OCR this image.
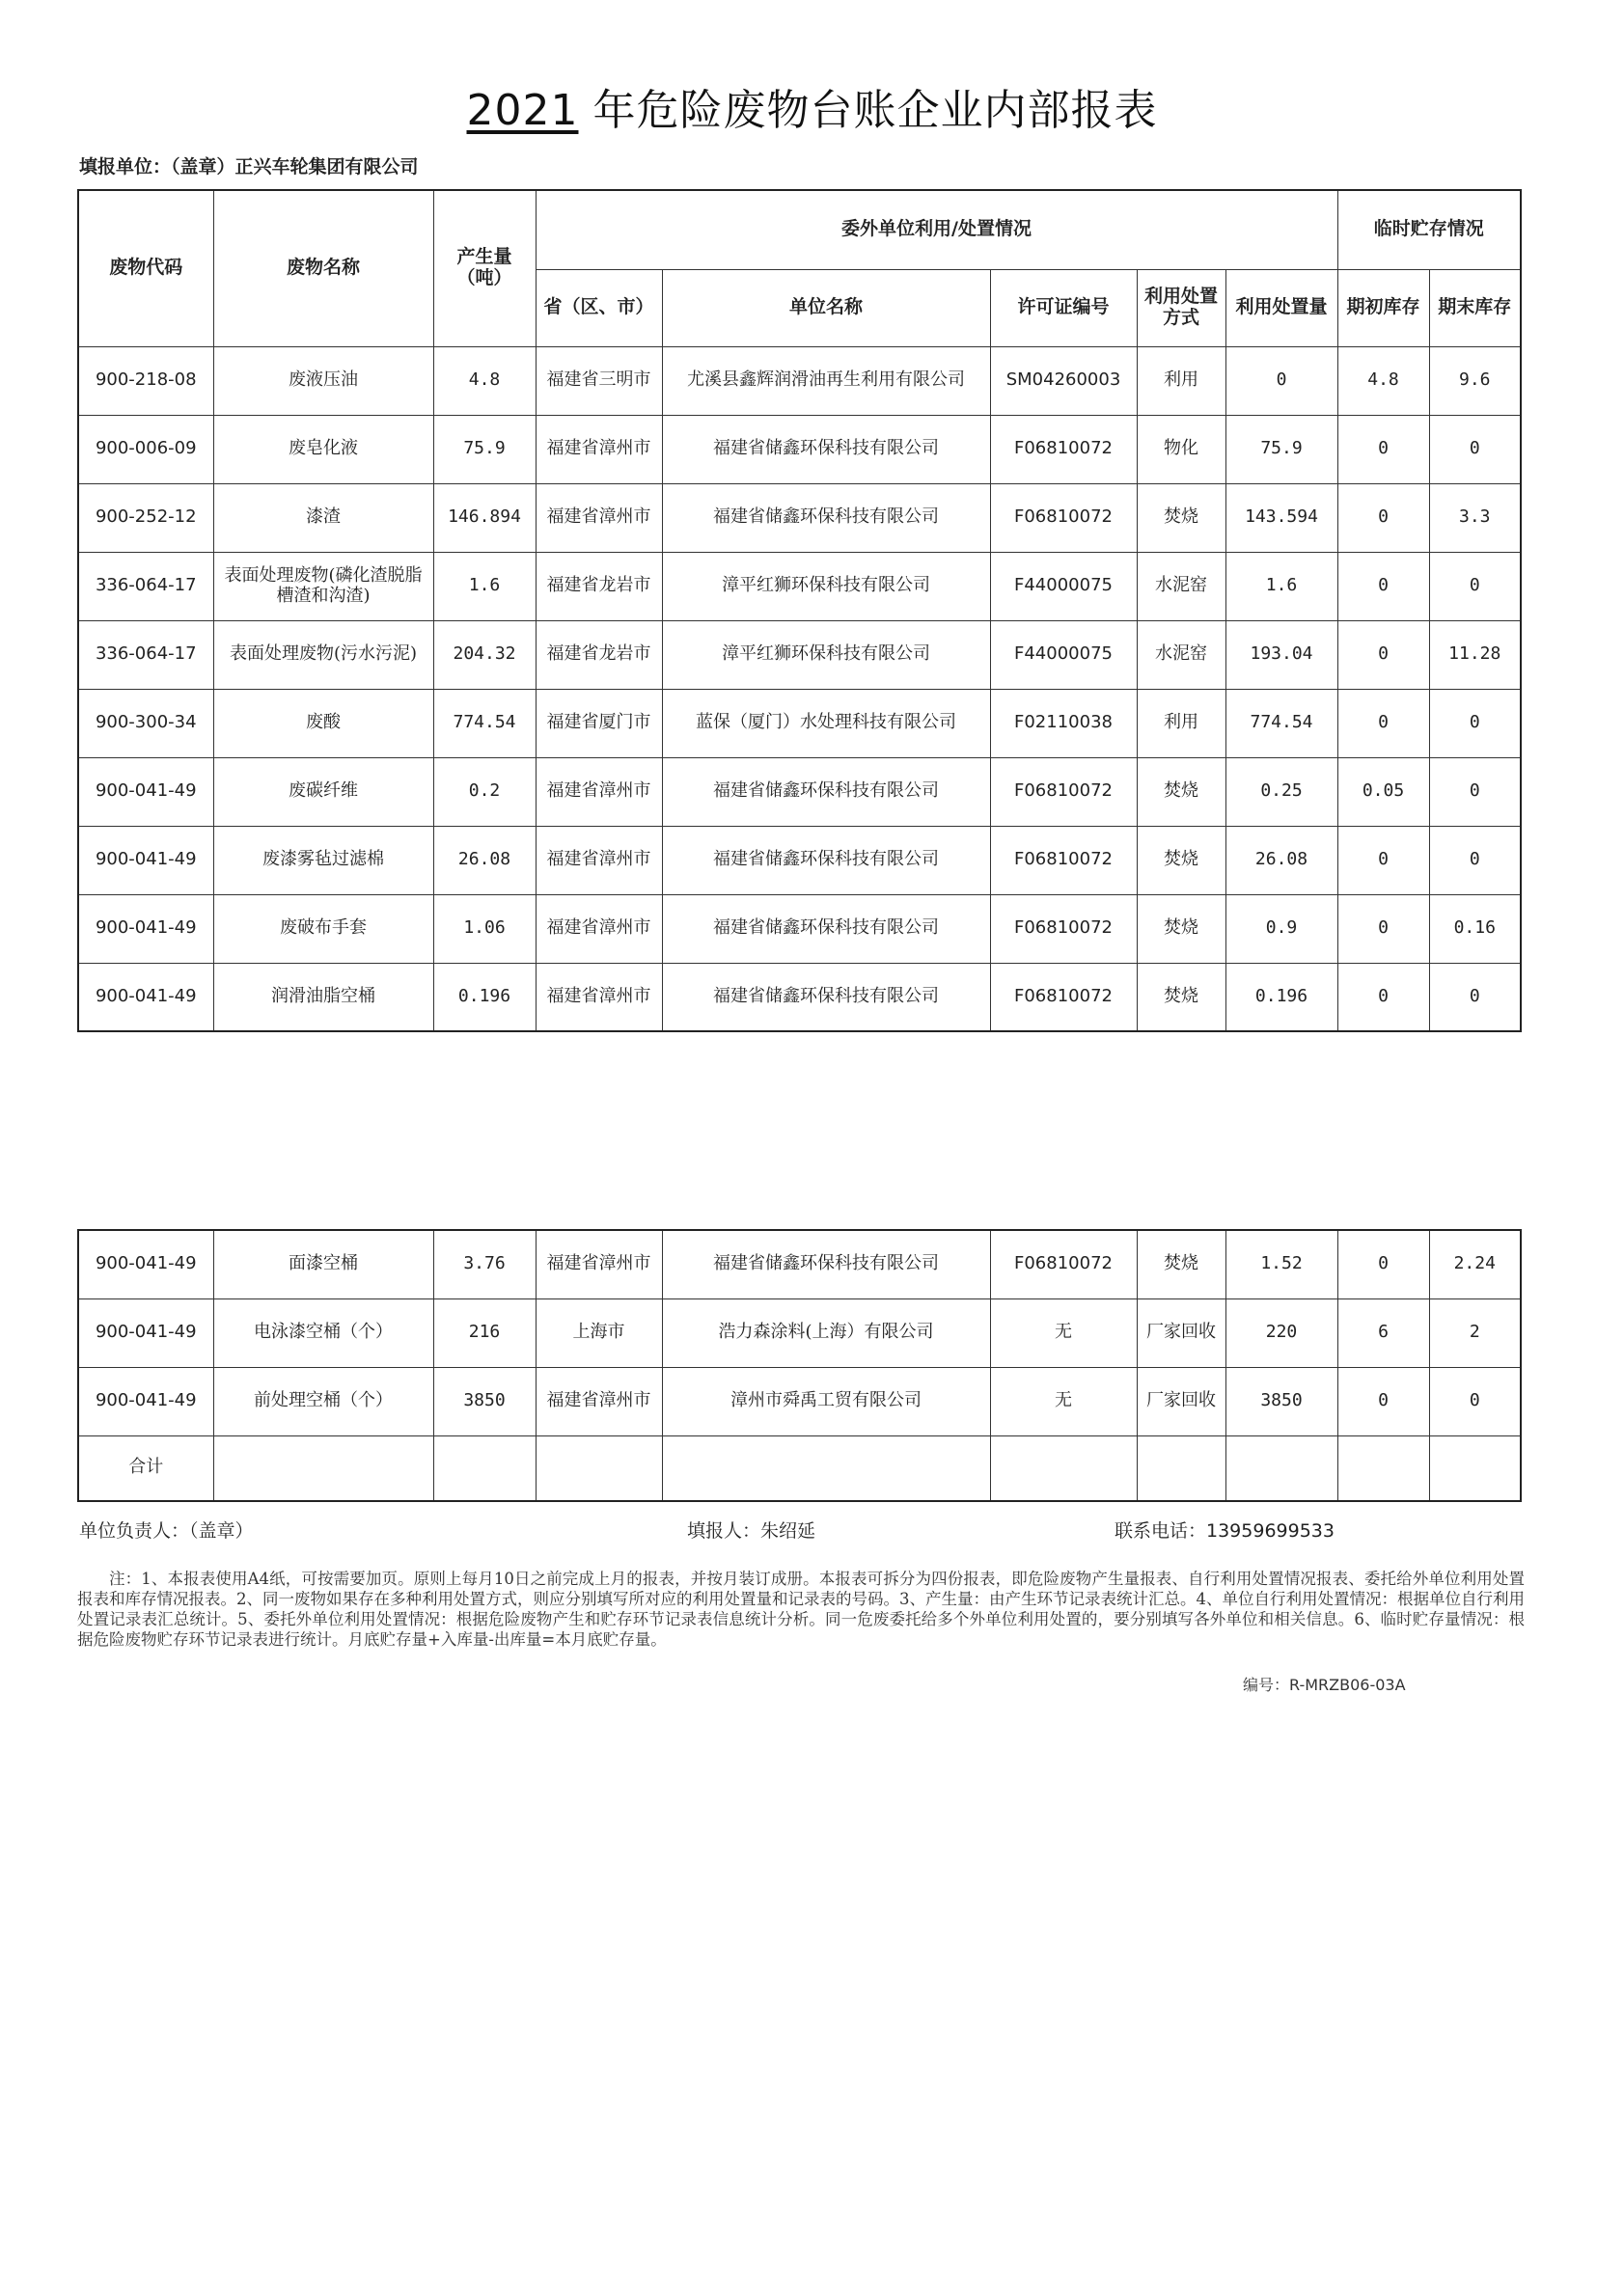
2021 年危险废物台账企业内部报表
填报单位：（盖章）正兴车轮集团有限公司
废物代码	废物名称	产生量（吨）	委外单位利用/处置情况					临时贮存情况	
			省（区、市）	单位名称	许可证编号	利用处置方式	利用处置量	期初库存	期末库存
900-218-08	废液压油	4.8	福建省三明市	尤溪县鑫辉润滑油再生利用有限公司	SM04260003	利用	0	4.8	9.6
900-006-09	废皂化液	75.9	福建省漳州市	福建省储鑫环保科技有限公司	F06810072	物化	75.9	0	0
900-252-12	漆渣	146.894	福建省漳州市	福建省储鑫环保科技有限公司	F06810072	焚烧	143.594	0	3.3
336-064-17	表面处理废物(磷化渣脱脂槽渣和沟渣)	1.6	福建省龙岩市	漳平红狮环保科技有限公司	F44000075	水泥窑	1.6	0	0
336-064-17	表面处理废物(污水污泥)	204.32	福建省龙岩市	漳平红狮环保科技有限公司	F44000075	水泥窑	193.04	0	11.28
900-300-34	废酸	774.54	福建省厦门市	蓝保（厦门）水处理科技有限公司	F02110038	利用	774.54	0	0
900-041-49	废碳纤维	0.2	福建省漳州市	福建省储鑫环保科技有限公司	F06810072	焚烧	0.25	0.05	0
900-041-49	废漆雾毡过滤棉	26.08	福建省漳州市	福建省储鑫环保科技有限公司	F06810072	焚烧	26.08	0	0
900-041-49	废破布手套	1.06	福建省漳州市	福建省储鑫环保科技有限公司	F06810072	焚烧	0.9	0	0.16
900-041-49	润滑油脂空桶	0.196	福建省漳州市	福建省储鑫环保科技有限公司	F06810072	焚烧	0.196	0	0
900-041-49	面漆空桶	3.76	福建省漳州市	福建省储鑫环保科技有限公司	F06810072	焚烧	1.52	0	2.24
900-041-49	电泳漆空桶（个）	216	上海市	浩力森涂料(上海）有限公司	无	厂家回收	220	6	2
900-041-49	前处理空桶（个）	3850	福建省漳州市	漳州市舜禹工贸有限公司	无	厂家回收	3850	0	0
合计									
单位负责人：（盖章）	填报人：朱绍延	联系电话：13959699533
注：1、本报表使用A4纸，可按需要加页。原则上每月10日之前完成上月的报表，并按月装订成册。本报表可拆分为四份报表，即危险废物产生量报表、自行利用处置情况报表、委托给外单位利用处置报表和库存情况报表。2、同一废物如果存在多种利用处置方式，则应分别填写所对应的利用处置量和记录表的号码。3、产生量：由产生环节记录表统计汇总。4、单位自行利用处置情况：根据单位自行利用处置记录表汇总统计。5、委托外单位利用处置情况：根据危险废物产生和贮存环节记录表信息统计分析。同一危废委托给多个外单位利用处置的，要分别填写各外单位和相关信息。6、临时贮存量情况：根据危险废物贮存环节记录表进行统计。月底贮存量+入库量-出库量=本月底贮存量。
编号：R-MRZB06-03A
